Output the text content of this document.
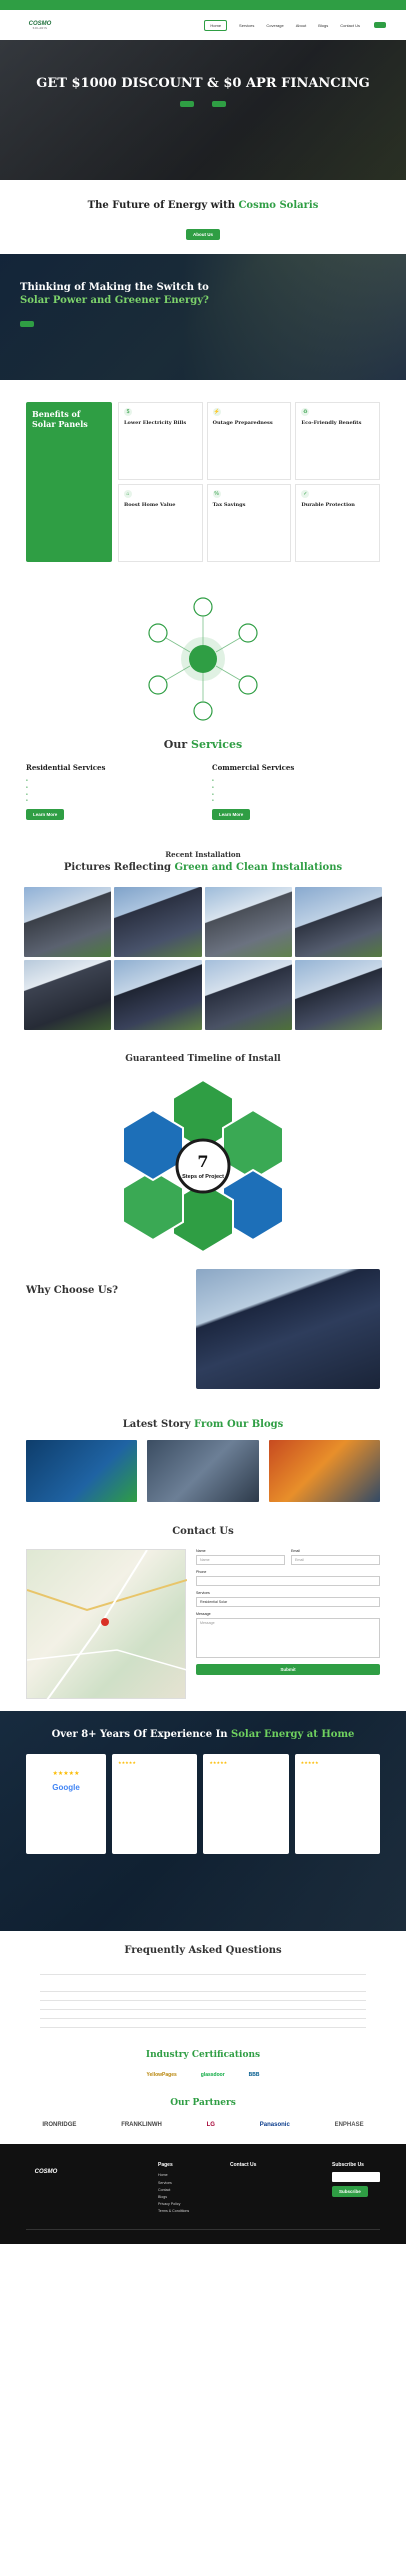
COSMO
SOLARIS
Home	Services	Coverage	About	Blogs	Contact Us
GET $1000 DISCOUNT & $0 APR FINANCING

The Future of Energy with Cosmo Solaris

About Us
Thinking of Making the Switch to
Solar Power and Greener Energy?

Benefits of Solar Panels

$
Lower Electricity Bills

⚡
Outage Preparedness

♻
Eco-Friendly Benefits

⌂
Boost Home Value

%
Tax Savings

✓
Durable Protection

Our Services
Residential Services

●
●
●
●
Learn More
Commercial Services

●
●
●
●
Learn More
Recent Installation
Pictures Reflecting Green and Clean Installations
Guaranteed Timeline of Install

7
Steps of Project
Why Choose Us?

Latest Story From Our Blogs
Contact Us

Name
Name
Email
Email
Phone
Services
Residential Solar
Message
Message

Submit
Over 8+ Years Of Experience In Solar Energy at Home

★★★★★
Google
★★★★★	★★★★★	★★★★★

Frequently Asked Questions
Industry Certifications
YellowPages	glassdoor	BBB
Our Partners
IRONRIDGE	FRANKLINWH	LG	Panasonic	ENPHASE
COSMO

Pages
Home
Services
Contact
Blogs
Privacy Policy
Terms & Conditions
Contact Us	Subscribe Us
Subscribe
